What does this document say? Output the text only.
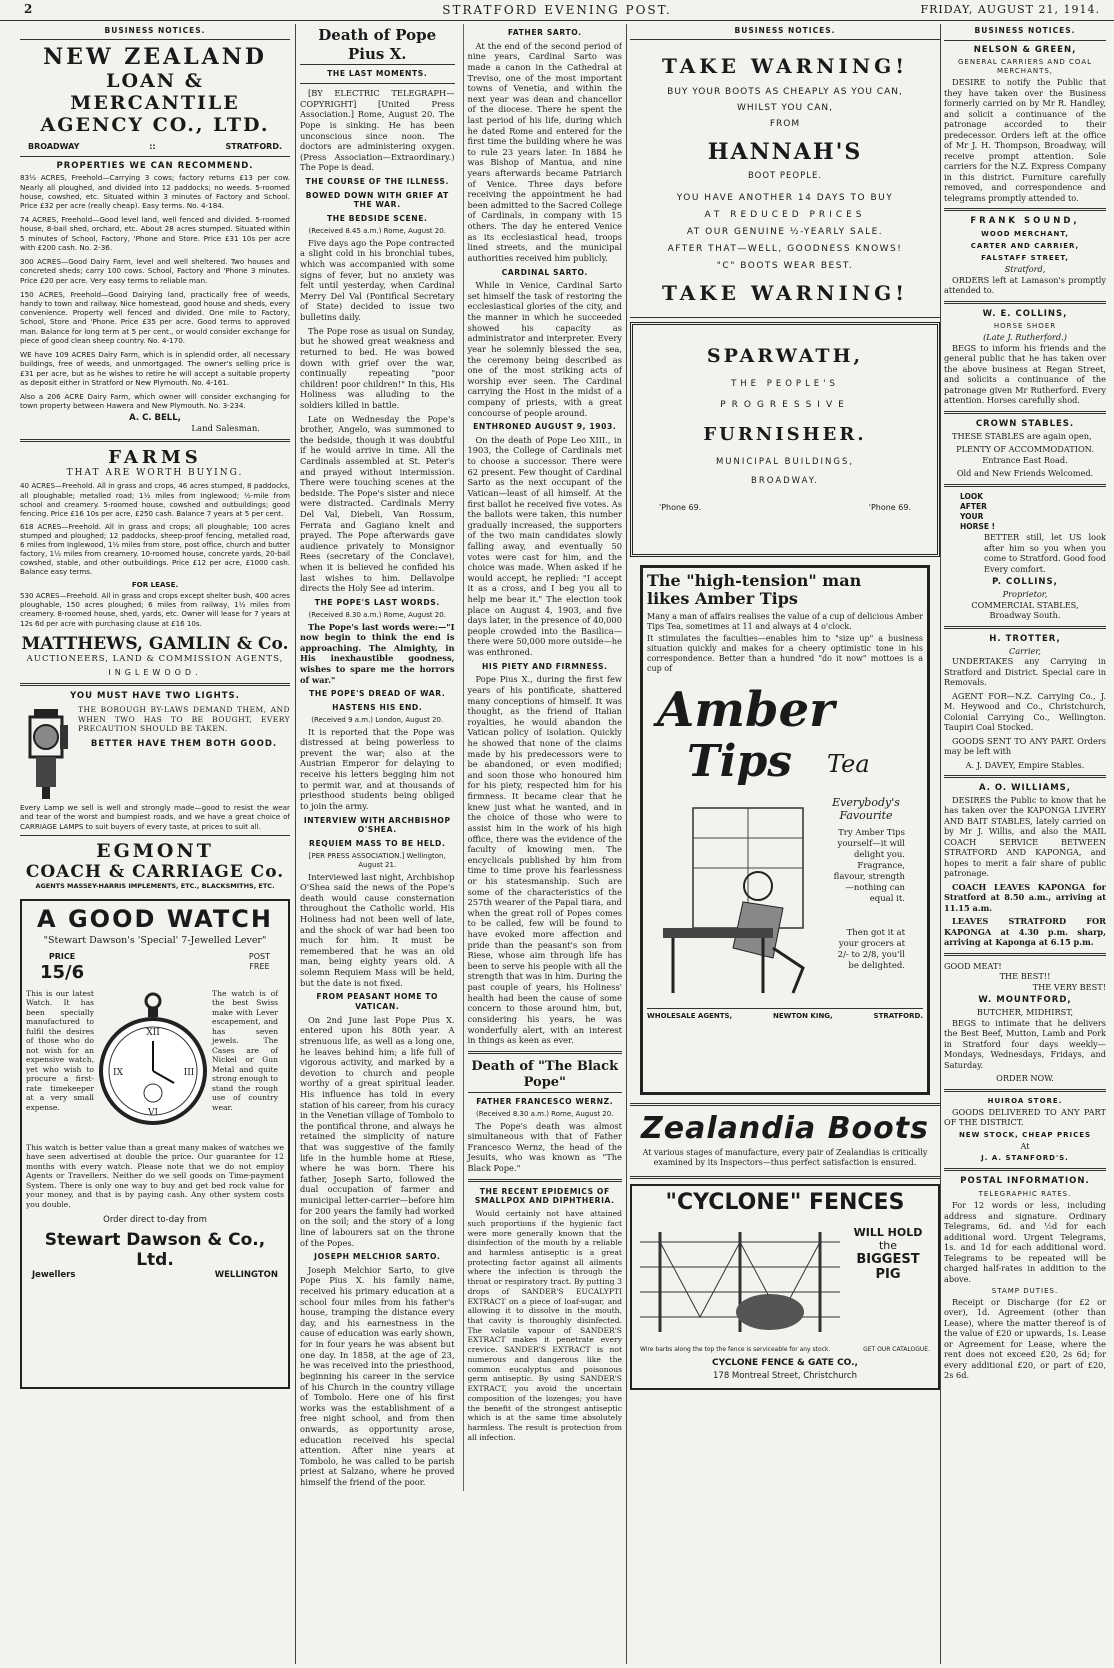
2	STRATFORD EVENING POST.	FRIDAY, AUGUST 21, 1914.
BUSINESS NOTICES.
NEW ZEALAND
LOAN & MERCANTILE
AGENCY CO., LTD.
BROADWAY	::	STRATFORD.
PROPERTIES WE CAN RECOMMEND.

83½ ACRES, Freehold—Carrying 3 cows; factory returns £13 per cow. Nearly all ploughed, and divided into 12 paddocks; no weeds. 5-roomed house, cowshed, etc. Situated within 3 minutes of Factory and School. Price £32 per acre (really cheap). Easy terms. No. 4-184.

74 ACRES, Freehold—Good level land, well fenced and divided. 5-roomed house, 8-bail shed, orchard, etc. About 28 acres stumped. Situated within 5 minutes of School, Factory, 'Phone and Store. Price £31 10s per acre with £200 cash. No. 2-36.

300 ACRES—Good Dairy Farm, level and well sheltered. Two houses and concreted sheds; carry 100 cows. School, Factory and 'Phone 3 minutes. Price £20 per acre. Very easy terms to reliable man.

150 ACRES, Freehold—Good Dairying land, practically free of weeds, handy to town and railway. Nice homestead, good house and sheds, every convenience. Property well fenced and divided. One mile to Factory, School, Store and 'Phone. Price £35 per acre. Good terms to approved man. Balance for long term at 5 per cent., or would consider exchange for piece of good clean sheep country. No. 4-170.

WE have 109 ACRES Dairy Farm, which is in splendid order, all necessary buildings, free of weeds, and unmortgaged. The owner's selling price is £31 per acre, but as he wishes to retire he will accept a suitable property as deposit either in Stratford or New Plymouth. No. 4-161.

Also a 206 ACRE Dairy Farm, which owner will consider exchanging for town property between Hawera and New Plymouth. No. 3-234.

A. C. BELL,
Land Salesman.
FARMS
THAT ARE WORTH BUYING.

40 ACRES—Freehold. All in grass and crops, 46 acres stumped, 8 paddocks, all ploughable; metalled road; 1½ miles from Inglewood; ½-mile from school and creamery. 5-roomed house, cowshed and outbuildings; good fencing. Price £16 10s per acre, £250 cash. Balance 7 years at 5 per cent.

618 ACRES—Freehold. All in grass and crops; all ploughable; 100 acres stumped and ploughed; 12 paddocks, sheep-proof fencing, metalled road, 6 miles from Inglewood, 1½ miles from store, post office, church and butter factory, 1½ miles from creamery. 10-roomed house, concrete yards, 20-bail cowshed, stable, and other outbuildings. Price £12 per acre, £1000 cash. Balance easy terms.

FOR LEASE.

530 ACRES—Freehold. All in grass and crops except shelter bush, 400 acres ploughable, 150 acres ploughed; 6 miles from railway, 1½ miles from creamery. 8-roomed house, shed, yards, etc. Owner will lease for 7 years at 12s 6d per acre with purchasing clause at £16 10s.

MATTHEWS, GAMLIN & Co.
AUCTIONEERS, LAND & COMMISSION AGENTS,
INGLEWOOD.
YOU MUST HAVE TWO LIGHTS.
THE BOROUGH BY-LAWS DEMAND THEM, AND WHEN TWO HAS TO BE BOUGHT, EVERY PRECAUTION SHOULD BE TAKEN.
BETTER HAVE THEM BOTH GOOD.
Every Lamp we sell is well and strongly made—good to resist the wear and tear of the worst and bumpiest roads, and we have a great choice of CARRIAGE LAMPS to suit buyers of every taste, at prices to suit all.
EGMONT
COACH & CARRIAGE Co.
AGENTS MASSEY-HARRIS IMPLEMENTS, ETC., BLACKSMITHS, ETC.
A GOOD WATCH
"Stewart Dawson's 'Special' 7-Jewelled Lever"
PRICE
15/6
POST
FREE
This is our latest Watch. It has been specially manufactured to fulfil the desires of those who do not wish for an expensive watch, yet who wish to procure a first-rate timekeeper at a very small expense.
XII
III
VI
IX
The watch is of the best Swiss make with Lever escapement, and has seven jewels. The Cases are of Nickel or Gun Metal and quite strong enough to stand the rough use of country wear.
This watch is better value than a great many makes of watches we have seen advertised at double the price. Our guarantee for 12 months with every watch. Please note that we do not employ Agents or Travellers. Neither do we sell goods on Time-payment System. There is only one way to buy and get bed rock value for your money, and that is by paying cash. Any other system costs you double.
Order direct to-day from
Stewart Dawson & Co., Ltd.
Jewellers	WELLINGTON
Death of Pope Pius X.
THE LAST MOMENTS.

[BY ELECTRIC TELEGRAPH—COPYRIGHT] [United Press Association.] Rome, August 20. The Pope is sinking. He has been unconscious since noon. The doctors are administering oxygen. (Press Association—Extraordinary.) The Pope is dead.

THE COURSE OF THE ILLNESS.
BOWED DOWN WITH GRIEF AT THE WAR.
THE BEDSIDE SCENE.
(Received 8.45 a.m.) Rome, August 20.

Five days ago the Pope contracted a slight cold in his bronchial tubes, which was accompanied with some signs of fever, but no anxiety was felt until yesterday, when Cardinal Merry Del Val (Pontifical Secretary of State) decided to issue two bulletins daily.

The Pope rose as usual on Sunday, but he showed great weakness and returned to bed. He was bowed down with grief over the war, continually repeating "poor children! poor children!" In this, His Holiness was alluding to the soldiers killed in battle.

Late on Wednesday the Pope's brother, Angelo, was summoned to the bedside, though it was doubtful if he would arrive in time. All the Cardinals assembled at St. Peter's and prayed without intermission. There were touching scenes at the bedside. The Pope's sister and niece were distracted. Cardinals Merry Del Val, Diebeli, Van Rossum, Ferrata and Gagiano knelt and prayed. The Pope afterwards gave audience privately to Monsignor Rees (secretary of the Conclave), when it is believed he confided his last wishes to him. Dellavolpe directs the Holy See ad interim.

THE POPE'S LAST WORDS.
(Received 8.30 a.m.) Rome, August 20.

The Pope's last words were:—"I now begin to think the end is approaching. The Almighty, in His inexhaustible goodness, wishes to spare me the horrors of war."

THE POPE'S DREAD OF WAR.
HASTENS HIS END.
(Received 9 a.m.) London, August 20.

It is reported that the Pope was distressed at being powerless to prevent the war; also at the Austrian Emperor for delaying to receive his letters begging him not to permit war, and at thousands of priesthood students being obliged to join the army.

INTERVIEW WITH ARCHBISHOP O'SHEA.
REQUIEM MASS TO BE HELD.
[PER PRESS ASSOCIATION.] Wellington, August 21.

Interviewed last night, Archbishop O'Shea said the news of the Pope's death would cause consternation throughout the Catholic world. His Holiness had not been well of late, and the shock of war had been too much for him. It must be remembered that he was an old man, being eighty years old. A solemn Requiem Mass will be held, but the date is not fixed.

FROM PEASANT HOME TO VATICAN.

On 2nd June last Pope Pius X. entered upon his 80th year. A strenuous life, as well as a long one, he leaves behind him; a life full of vigorous activity, and marked by a devotion to church and people worthy of a great spiritual leader. His influence has told in every station of his career, from his curacy in the Venetian village of Tombolo to the pontifical throne, and always he retained the simplicity of nature that was suggestive of the family life in the humble home at Riese, where he was born. There his father, Joseph Sarto, followed the dual occupation of farmer and municipal letter-carrier—before him for 200 years the family had worked on the soil; and the story of a long line of labourers sat on the throne of the Popes.

JOSEPH MELCHIOR SARTO.

Joseph Melchior Sarto, to give Pope Pius X. his family name, received his primary education at a school four miles from his father's house, tramping the distance every day, and his earnestness in the cause of education was early shown, for in four years he was absent but one day. In 1858, at the age of 23, he was received into the priesthood, beginning his career in the service of his Church in the country village of Tombolo. Here one of his first works was the establishment of a free night school, and from then onwards, as opportunity arose, education received his special attention. After nine years at Tombolo, he was called to be parish priest at Salzano, where he proved himself the friend of the poor.

FATHER SARTO.

At the end of the second period of nine years, Cardinal Sarto was made a canon in the Cathedral at Treviso, one of the most important towns of Venetia, and within the next year was dean and chancellor of the diocese. There he spent the last period of his life, during which he dated Rome and entered for the first time the building where he was to rule 23 years later. In 1884 he was Bishop of Mantua, and nine years afterwards became Patriarch of Venice. Three days before receiving the appointment he had been admitted to the Sacred College of Cardinals, in company with 15 others. The day he entered Venice as its ecclesiastical head, troops lined streets, and the municipal authorities received him publicly.

CARDINAL SARTO.

While in Venice, Cardinal Sarto set himself the task of restoring the ecclesiastical glories of the city, and the manner in which he succeeded showed his capacity as administrator and interpreter. Every year he solemnly blessed the sea, the ceremony being described as one of the most striking acts of worship ever seen. The Cardinal carrying the Host in the midst of a company of priests, with a great concourse of people around.

ENTHRONED AUGUST 9, 1903.

On the death of Pope Leo XIII., in 1903, the College of Cardinals met to choose a successor. There were 62 present. Few thought of Cardinal Sarto as the next occupant of the Vatican—least of all himself. At the first ballot he received five votes. As the ballots were taken, this number gradually increased, the supporters of the two main candidates slowly falling away, and eventually 50 votes were cast for him, and the choice was made. When asked if he would accept, he replied: "I accept it as a cross, and I beg you all to help me bear it." The election took place on August 4, 1903, and five days later, in the presence of 40,000 people crowded into the Basilica—there were 50,000 more outside—he was enthroned.

HIS PIETY AND FIRMNESS.

Pope Pius X., during the first few years of his pontificate, shattered many conceptions of himself. It was thought, as the friend of Italian royalties, he would abandon the Vatican policy of isolation. Quickly he showed that none of the claims made by his predecessors were to be abandoned, or even modified; and soon those who honoured him for his piety, respected him for his firmness. It became clear that he knew just what he wanted, and in the choice of those who were to assist him in the work of his high office, there was the evidence of the faculty of knowing men. The encyclicals published by him from time to time prove his fearlessness or his statesmanship. Such are some of the characteristics of the 257th wearer of the Papal tiara, and when the great roll of Popes comes to be called, few will be found to have evoked more affection and pride than the peasant's son from Riese, whose aim through life has been to serve his people with all the strength that was in him. During the past couple of years, his Holiness' health had been the cause of some concern to those around him, but, considering his years, he was wonderfully alert, with an interest in things as keen as ever.

Death of "The Black Pope"
FATHER FRANCESCO WERNZ.
(Received 8.30 a.m.) Rome, August 20.

The Pope's death was almost simultaneous with that of Father Francesco Wernz, the head of the Jesuits, who was known as "The Black Pope."

THE RECENT EPIDEMICS OF SMALLPOX AND DIPHTHERIA.

Would certainly not have attained such proportions if the hygienic fact were more generally known that the disinfection of the mouth by a reliable and harmless antiseptic is a great protecting factor against all ailments where the infection is through the throat or respiratory tract. By putting 3 drops of SANDER'S EUCALYPTI EXTRACT on a piece of loaf-sugar, and allowing it to dissolve in the mouth, that cavity is thoroughly disinfected. The volatile vapour of SANDER'S EXTRACT makes it penetrate every crevice. SANDER'S EXTRACT is not numerous and dangerous like the common eucalyptus and poisonous germ antiseptic. By using SANDER'S EXTRACT, you avoid the uncertain composition of the lozenges; you have the benefit of the strongest antiseptic which is at the same time absolutely harmless. The result is protection from all infection.

BUSINESS NOTICES.
TAKE WARNING!
BUY YOUR BOOTS AS CHEAPLY AS YOU CAN,
WHILST YOU CAN,
FROM
HANNAH'S
BOOT PEOPLE.
YOU HAVE ANOTHER 14 DAYS TO BUY
AT REDUCED PRICES
AT OUR GENUINE ½-YEARLY SALE.
AFTER THAT—WELL, GOODNESS KNOWS!
"C" BOOTS WEAR BEST.
TAKE WARNING!
SPARWATH,
THE PEOPLE'S
PROGRESSIVE
FURNISHER.
MUNICIPAL BUILDINGS,
BROADWAY.
'Phone 69.	'Phone 69.
The "high-tension" man
likes Amber Tips
Many a man of affairs realises the value of a cup of delicious Amber Tips Tea, sometimes at 11 and always at 4 o'clock.
It stimulates the faculties—enables him to "size up" a business situation quickly and makes for a cheery optimistic tone in his correspondence. Better than a hundred "do it now" mottoes is a cup of
Amber
Tips Tea
Everybody's
Favourite
Try Amber Tips yourself—it will delight you. Fragrance, flavour, strength—nothing can equal it.
Then got it at your grocers at 2/- to 2/8, you'll be delighted.
WHOLESALE AGENTS,	NEWTON KING,	STRATFORD.
Zealandia Boots
At various stages of manufacture, every pair of Zealandias is critically examined by its Inspectors—thus perfect satisfaction is ensured.
"CYCLONE" FENCES
WILL HOLD
the
BIGGEST
PIG
Wire barbs along the top the fence is serviceable for any stock.	GET OUR CATALOGUE.
CYCLONE FENCE & GATE CO.,
178 Montreal Street, Christchurch
BUSINESS NOTICES.
NELSON & GREEN,
GENERAL CARRIERS AND COAL MERCHANTS,

DESIRE to notify the Public that they have taken over the Business formerly carried on by Mr R. Handley, and solicit a continuance of the patronage accorded to their predecessor. Orders left at the office of Mr J. H. Thompson, Broadway, will receive prompt attention. Sole carriers for the N.Z. Express Company in this district. Furniture carefully removed, and correspondence and telegrams promptly attended to.

FRANK SOUND,
WOOD MERCHANT,
CARTER AND CARRIER,
FALSTAFF STREET,
Stratford,

ORDERS left at Lamason's promptly attended to.

W. E. COLLINS,
HORSE SHOER
(Late J. Rutherford.)

BEGS to inform his friends and the general public that he has taken over the above business at Regan Street, and solicits a continuance of the patronage given Mr Rutherford. Every attention. Horses carefully shod.

CROWN STABLES.

THESE STABLES are again open,

PLENTY OF ACCOMMODATION.
Entrance East Road.
Old and New Friends Welcomed.
LOOK
AFTER
YOUR
HORSE !

BETTER still, let US look after him so you when you come to Stratford. Good food Every comfort.

P. COLLINS,
Proprietor,
COMMERCIAL STABLES,
Broadway South.
H. TROTTER,
Carrier,

UNDERTAKES any Carrying in Stratford and District. Special care in Removals.

AGENT FOR—N.Z. Carrying Co., J. M. Heywood and Co., Christchurch, Colonial Carrying Co., Wellington. Taupiri Coal Stocked.

GOODS SENT TO ANY PART. Orders may be left with

A. J. DAVEY, Empire Stables.
A. O. WILLIAMS,

DESIRES the Public to know that he has taken over the KAPONGA LIVERY AND BAIT STABLES, lately carried on by Mr J. Willis, and also the MAIL COACH SERVICE BETWEEN STRATFORD AND KAPONGA, and hopes to merit a fair share of public patronage.

COACH LEAVES KAPONGA for Stratford at 8.50 a.m., arriving at 11.15 a.m.

LEAVES STRATFORD FOR KAPONGA at 4.30 p.m. sharp, arriving at Kaponga at 6.15 p.m.

GOOD MEAT!
THE BEST!!
THE VERY BEST!
W. MOUNTFORD,
BUTCHER, MIDHIRST,

BEGS to intimate that he delivers the Best Beef, Mutton, Lamb and Pork in Stratford four days weekly—Mondays, Wednesdays, Fridays, and Saturday.

ORDER NOW.
HUIROA STORE.

GOODS DELIVERED TO ANY PART OF THE DISTRICT.

NEW STOCK, CHEAP PRICES
At
J. A. STANFORD'S.
POSTAL INFORMATION.
TELEGRAPHIC RATES.

For 12 words or less, including address and signature. Ordinary Telegrams, 6d. and ½d for each additional word. Urgent Telegrams, 1s. and 1d for each additional word. Telegrams to be repeated will be charged half-rates in addition to the above.

STAMP DUTIES.

Receipt or Discharge (for £2 or over), 1d. Agreement (other than Lease), where the matter thereof is of the value of £20 or upwards, 1s. Lease or Agreement for Lease, where the rent does not exceed £20, 2s 6d; for every additional £20, or part of £20, 2s 6d.
